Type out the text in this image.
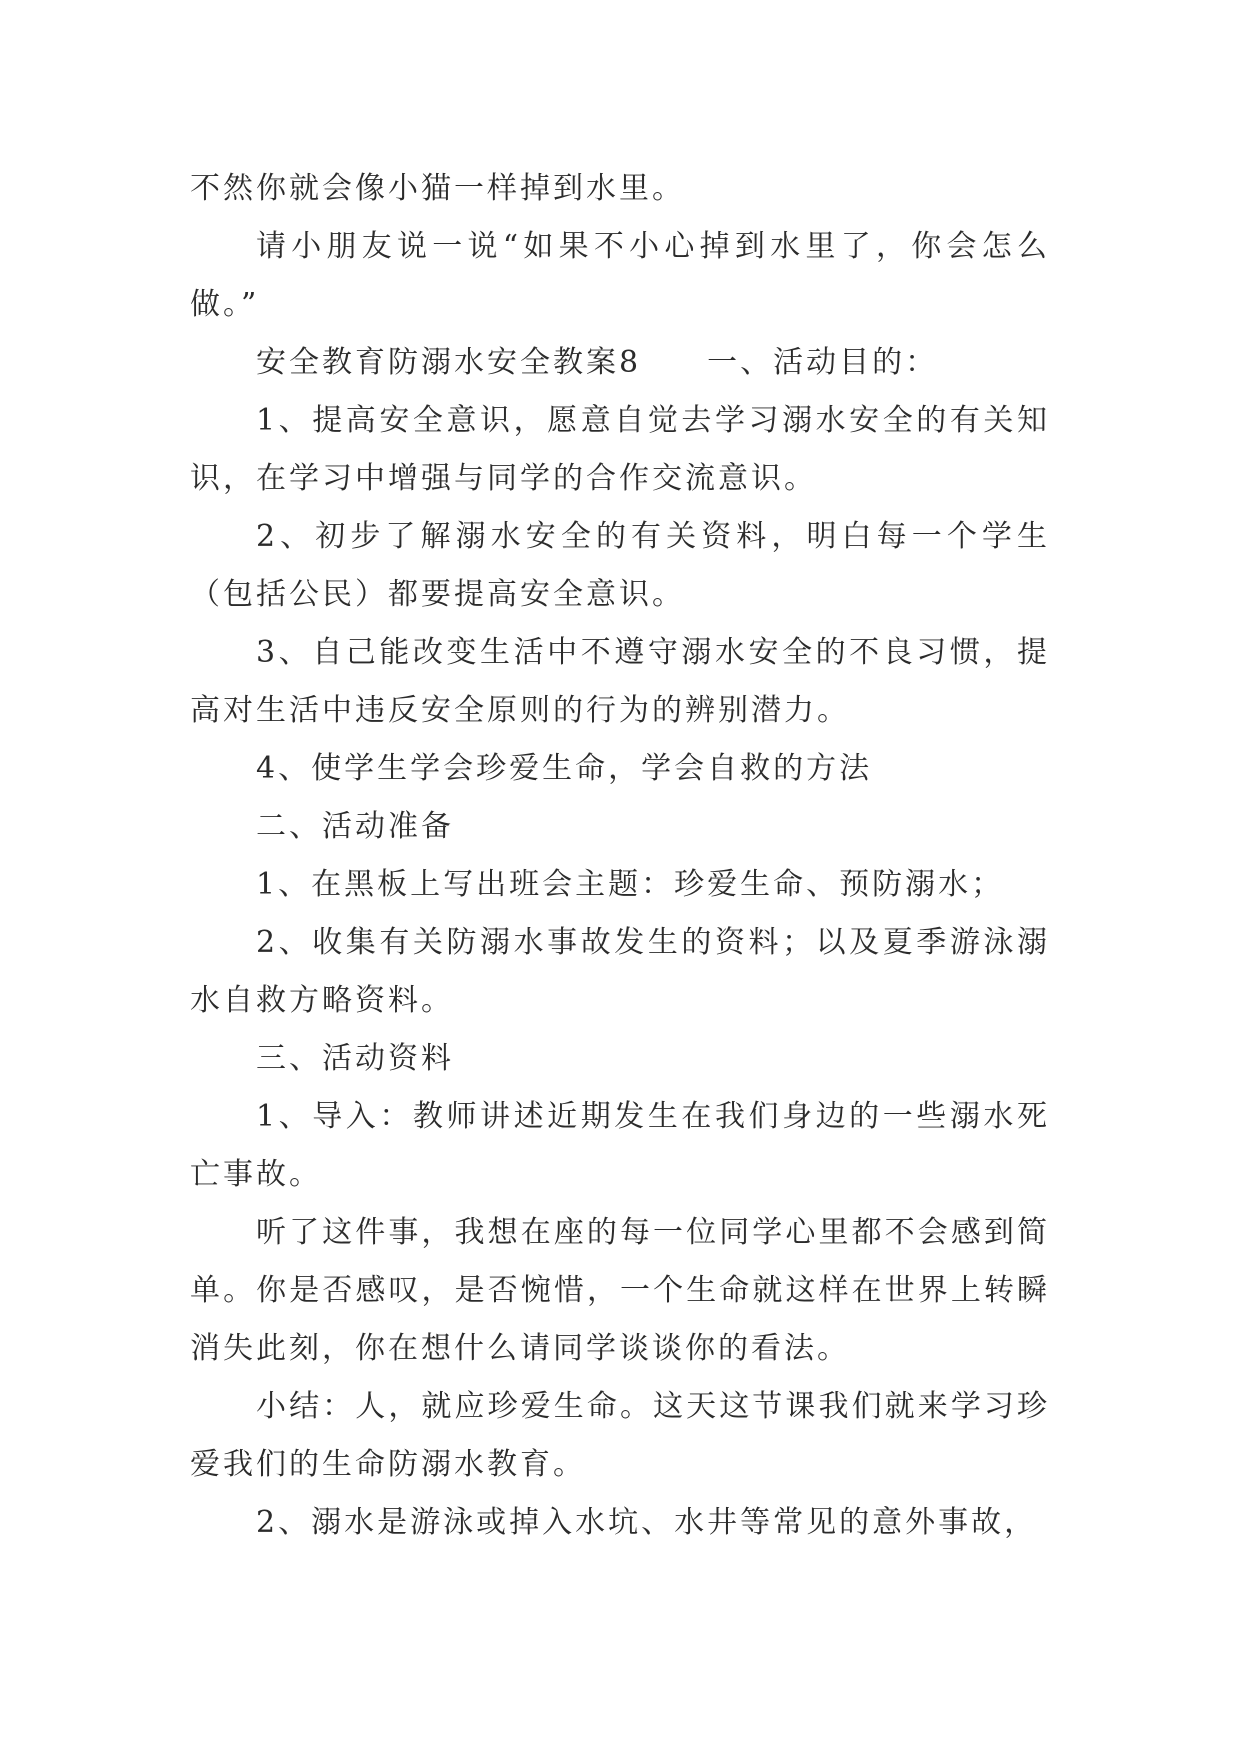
不然你就会像小猫一样掉到水里。

请小朋友说一说“如果不小心掉到水里了，你会怎么做。”

安全教育防溺水安全教案8　　一、活动目的：

1、提高安全意识，愿意自觉去学习溺水安全的有关知识，在学习中增强与同学的合作交流意识。

2、初步了解溺水安全的有关资料，明白每一个学生（包括公民）都要提高安全意识。

3、自己能改变生活中不遵守溺水安全的不良习惯，提高对生活中违反安全原则的行为的辨别潜力。

4、使学生学会珍爱生命，学会自救的方法

二、活动准备

1、在黑板上写出班会主题：珍爱生命、预防溺水；

2、收集有关防溺水事故发生的资料；以及夏季游泳溺水自救方略资料。

三、活动资料

1、导入：教师讲述近期发生在我们身边的一些溺水死亡事故。

听了这件事，我想在座的每一位同学心里都不会感到简单。你是否感叹，是否惋惜，一个生命就这样在世界上转瞬消失此刻，你在想什么请同学谈谈你的看法。

小结：人，就应珍爱生命。这天这节课我们就来学习珍爱我们的生命防溺水教育。

2、溺水是游泳或掉入水坑、水井等常见的意外事故，
